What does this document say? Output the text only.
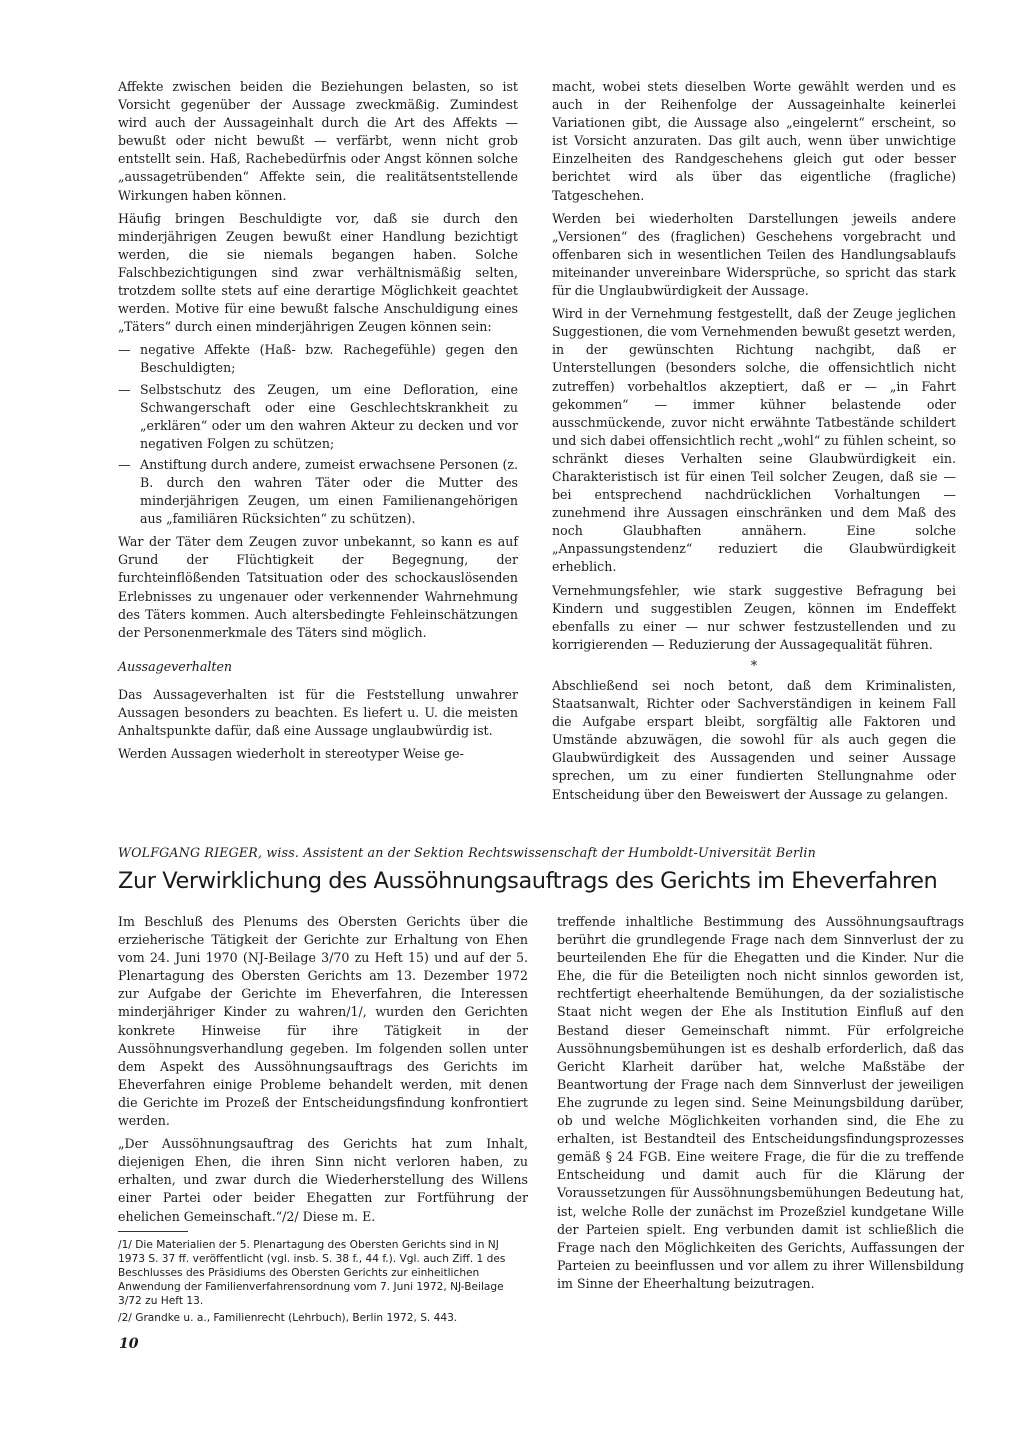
Affekte zwischen beiden die Beziehungen belasten, so ist Vorsicht gegenüber der Aussage zweckmäßig. Zumindest wird auch der Aussageinhalt durch die Art des Affekts — bewußt oder nicht bewußt — verfärbt, wenn nicht grob entstellt sein. Haß, Rachebedürfnis oder Angst können solche „aussagetrübenden“ Affekte sein, die realitätsentstellende Wirkungen haben können.

Häufig bringen Beschuldigte vor, daß sie durch den minderjährigen Zeugen bewußt einer Handlung bezichtigt werden, die sie niemals begangen haben. Solche Falschbezichtigungen sind zwar verhältnismäßig selten, trotzdem sollte stets auf eine derartige Möglichkeit geachtet werden. Motive für eine bewußt falsche Anschuldigung eines „Täters“ durch einen minderjährigen Zeugen können sein:

— negative Affekte (Haß- bzw. Rachegefühle) gegen den Beschuldigten;
— Selbstschutz des Zeugen, um eine Defloration, eine Schwangerschaft oder eine Geschlechtskrankheit zu „erklären“ oder um den wahren Akteur zu decken und vor negativen Folgen zu schützen;
— Anstiftung durch andere, zumeist erwachsene Personen (z. B. durch den wahren Täter oder die Mutter des minderjährigen Zeugen, um einen Familienangehörigen aus „familiären Rücksichten“ zu schützen).

War der Täter dem Zeugen zuvor unbekannt, so kann es auf Grund der Flüchtigkeit der Begegnung, der furchteinflößenden Tatsituation oder des schockauslösenden Erlebnisses zu ungenauer oder verkennender Wahrnehmung des Täters kommen. Auch altersbedingte Fehleinschätzungen der Personenmerkmale des Täters sind möglich.

Aussageverhalten

Das Aussageverhalten ist für die Feststellung unwahrer Aussagen besonders zu beachten. Es liefert u. U. die meisten Anhaltspunkte dafür, daß eine Aussage unglaubwürdig ist.

Werden Aussagen wiederholt in stereotyper Weise ge-

macht, wobei stets dieselben Worte gewählt werden und es auch in der Reihenfolge der Aussageinhalte keinerlei Variationen gibt, die Aussage also „eingelernt“ erscheint, so ist Vorsicht anzuraten. Das gilt auch, wenn über unwichtige Einzelheiten des Randgeschehens gleich gut oder besser berichtet wird als über das eigentliche (fragliche) Tatgeschehen.

Werden bei wiederholten Darstellungen jeweils andere „Versionen“ des (fraglichen) Geschehens vorgebracht und offenbaren sich in wesentlichen Teilen des Handlungsablaufs miteinander unvereinbare Widersprüche, so spricht das stark für die Unglaubwürdigkeit der Aussage.

Wird in der Vernehmung festgestellt, daß der Zeuge jeglichen Suggestionen, die vom Vernehmenden bewußt gesetzt werden, in der gewünschten Richtung nachgibt, daß er Unterstellungen (besonders solche, die offensichtlich nicht zutreffen) vorbehaltlos akzeptiert, daß er — „in Fahrt gekommen“ — immer kühner belastende oder ausschmückende, zuvor nicht erwähnte Tatbestände schildert und sich dabei offensichtlich recht „wohl“ zu fühlen scheint, so schränkt dieses Verhalten seine Glaubwürdigkeit ein. Charakteristisch ist für einen Teil solcher Zeugen, daß sie — bei entsprechend nachdrücklichen Vorhaltungen — zunehmend ihre Aussagen einschränken und dem Maß des noch Glaubhaften annähern. Eine solche „Anpassungstendenz“ reduziert die Glaubwürdigkeit erheblich.

Vernehmungsfehler, wie stark suggestive Befragung bei Kindern und suggestiblen Zeugen, können im Endeffekt ebenfalls zu einer — nur schwer festzustellenden und zu korrigierenden — Reduzierung der Aussagequalität führen.

*

Abschließend sei noch betont, daß dem Kriminalisten, Staatsanwalt, Richter oder Sachverständigen in keinem Fall die Aufgabe erspart bleibt, sorgfältig alle Faktoren und Umstände abzuwägen, die sowohl für als auch gegen die Glaubwürdigkeit des Aussagenden und seiner Aussage sprechen, um zu einer fundierten Stellungnahme oder Entscheidung über den Beweiswert der Aussage zu gelangen.

WOLFGANG RIEGER, wiss. Assistent an der Sektion Rechtswissenschaft der Humboldt-Universität Berlin
Zur Verwirklichung des Aussöhnungsauftrags des Gerichts im Eheverfahren

Im Beschluß des Plenums des Obersten Gerichts über die erzieherische Tätigkeit der Gerichte zur Erhaltung von Ehen vom 24. Juni 1970 (NJ-Beilage 3/70 zu Heft 15) und auf der 5. Plenartagung des Obersten Gerichts am 13. Dezember 1972 zur Aufgabe der Gerichte im Eheverfahren, die Interessen minderjähriger Kinder zu wahren/1/, wurden den Gerichten konkrete Hinweise für ihre Tätigkeit in der Aussöhnungsverhandlung gegeben. Im folgenden sollen unter dem Aspekt des Aussöhnungsauftrags des Gerichts im Eheverfahren einige Probleme behandelt werden, mit denen die Gerichte im Prozeß der Entscheidungsfindung konfrontiert werden.

„Der Aussöhnungsauftrag des Gerichts hat zum Inhalt, diejenigen Ehen, die ihren Sinn nicht verloren haben, zu erhalten, und zwar durch die Wiederherstellung des Willens einer Partei oder beider Ehegatten zur Fortführung der ehelichen Gemeinschaft.“/2/ Diese m. E.

/1/ Die Materialien der 5. Plenartagung des Obersten Gerichts sind in NJ 1973 S. 37 ff. veröffentlicht (vgl. insb. S. 38 f., 44 f.). Vgl. auch Ziff. 1 des Beschlusses des Präsidiums des Obersten Gerichts zur einheitlichen Anwendung der Familienverfahrensordnung vom 7. Juni 1972, NJ-Beilage 3/72 zu Heft 13.

/2/ Grandke u. a., Familienrecht (Lehrbuch), Berlin 1972, S. 443.

treffende inhaltliche Bestimmung des Aussöhnungsauftrags berührt die grundlegende Frage nach dem Sinnverlust der zu beurteilenden Ehe für die Ehegatten und die Kinder. Nur die Ehe, die für die Beteiligten noch nicht sinnlos geworden ist, rechtfertigt eheerhaltende Bemühungen, da der sozialistische Staat nicht wegen der Ehe als Institution Einfluß auf den Bestand dieser Gemeinschaft nimmt. Für erfolgreiche Aussöhnungsbemühungen ist es deshalb erforderlich, daß das Gericht Klarheit darüber hat, welche Maßstäbe der Beantwortung der Frage nach dem Sinnverlust der jeweiligen Ehe zugrunde zu legen sind. Seine Meinungsbildung darüber, ob und welche Möglichkeiten vorhanden sind, die Ehe zu erhalten, ist Bestandteil des Entscheidungsfindungsprozesses gemäß § 24 FGB. Eine weitere Frage, die für die zu treffende Entscheidung und damit auch für die Klärung der Voraussetzungen für Aussöhnungsbemühungen Bedeutung hat, ist, welche Rolle der zunächst im Prozeßziel kundgetane Wille der Parteien spielt. Eng verbunden damit ist schließlich die Frage nach den Möglichkeiten des Gerichts, Auffassungen der Parteien zu beeinflussen und vor allem zu ihrer Willensbildung im Sinne der Eheerhaltung beizutragen.

10
